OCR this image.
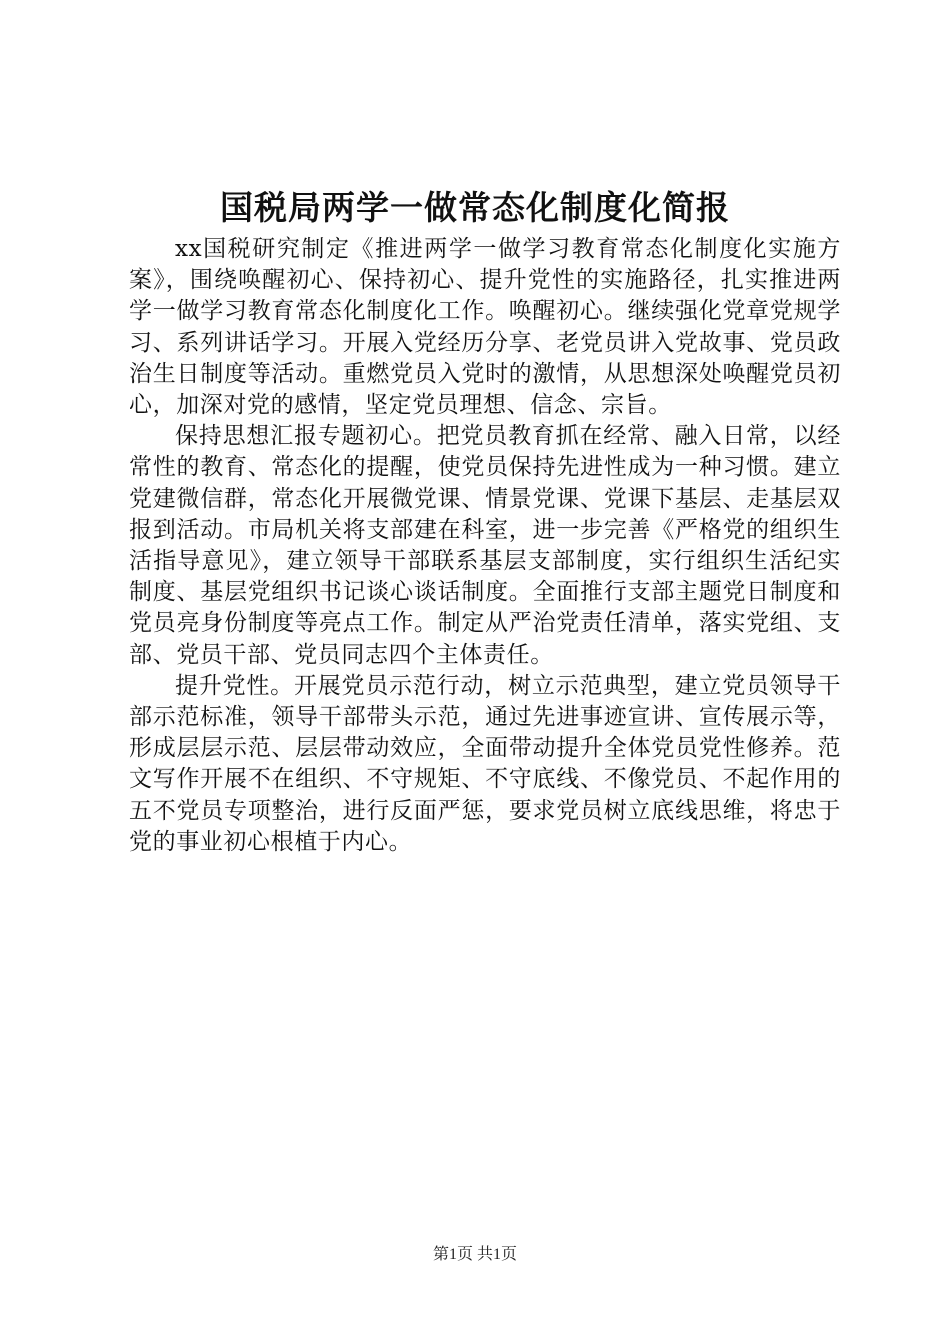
国税局两学一做常态化制度化简报

xx国税研究制定《推进两学一做学习教育常态化制度化实施方案》，围绕唤醒初心、保持初心、提升党性的实施路径，扎实推进两学一做学习教育常态化制度化工作。唤醒初心。继续强化党章党规学习、系列讲话学习。开展入党经历分享、老党员讲入党故事、党员政治生日制度等活动。重燃党员入党时的激情，从思想深处唤醒党员初心，加深对党的感情，坚定党员理想、信念、宗旨。

保持思想汇报专题初心。把党员教育抓在经常、融入日常，以经常性的教育、常态化的提醒，使党员保持先进性成为一种习惯。建立党建微信群，常态化开展微党课、情景党课、党课下基层、走基层双报到活动。市局机关将支部建在科室，进一步完善《严格党的组织生活指导意见》，建立领导干部联系基层支部制度，实行组织生活纪实制度、基层党组织书记谈心谈话制度。全面推行支部主题党日制度和党员亮身份制度等亮点工作。制定从严治党责任清单，落实党组、支部、党员干部、党员同志四个主体责任。

提升党性。开展党员示范行动，树立示范典型，建立党员领导干部示范标准，领导干部带头示范，通过先进事迹宣讲、宣传展示等，形成层层示范、层层带动效应，全面带动提升全体党员党性修养。范文写作开展不在组织、不守规矩、不守底线、不像党员、不起作用的五不党员专项整治，进行反面严惩，要求党员树立底线思维，将忠于党的事业初心根植于内心。

第1页 共1页
